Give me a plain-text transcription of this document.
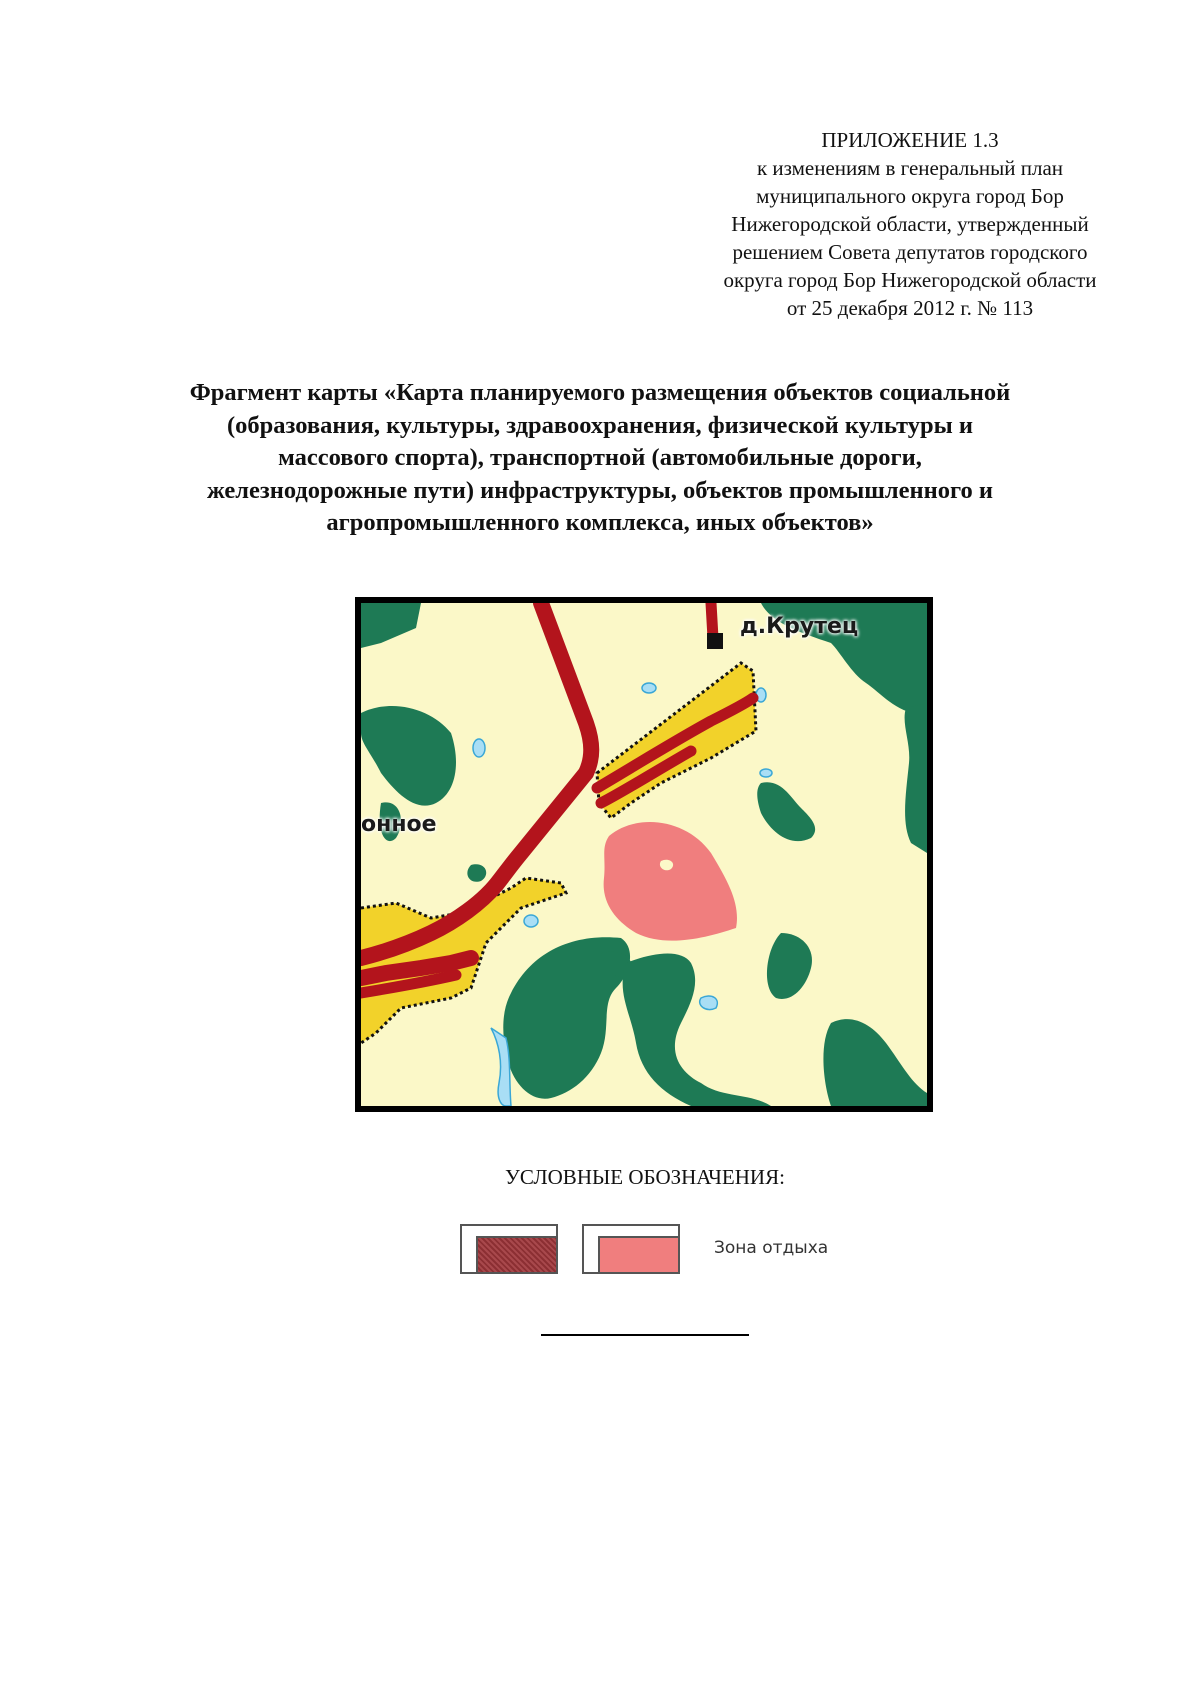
ПРИЛОЖЕНИЕ 1.3
к изменениям в генеральный план
муниципального округа город Бор
Нижегородской области, утвержденный
решением Совета депутатов городского
округа город Бор Нижегородской области
от 25 декабря 2012 г. № 113
Фрагмент карты «Карта планируемого размещения объектов социальной
(образования, культуры, здравоохранения, физической культуры и
массового спорта), транспортной (автомобильные дороги,
железнодорожные пути) инфраструктуры, объектов промышленного и
агропромышленного комплекса, иных объектов»
д.Крутец
онное
УСЛОВНЫЕ ОБОЗНАЧЕНИЯ:
Зона отдыха
